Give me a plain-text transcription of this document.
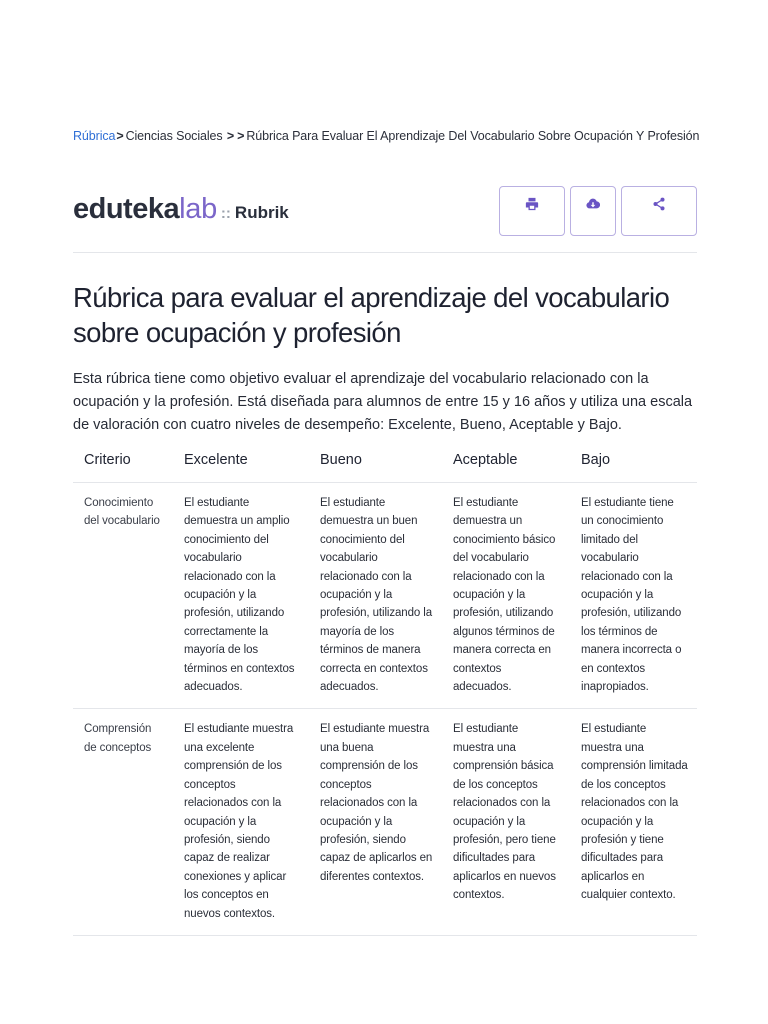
Rúbrica> Ciencias Sociales > > Rúbrica Para Evaluar El Aprendizaje Del Vocabulario Sobre Ocupación Y Profesión
eduteka lab :: Rubrik
Rúbrica para evaluar el aprendizaje del vocabulario sobre ocupación y profesión

Esta rúbrica tiene como objetivo evaluar el aprendizaje del vocabulario relacionado con la ocupación y la profesión. Está diseñada para alumnos de entre 15 y 16 años y utiliza una escala de valoración con cuatro niveles de desempeño: Excelente, Bueno, Aceptable y Bajo.

Criterio	Excelente	Bueno	Aceptable	Bajo
Conocimiento del vocabulario	El estudiante demuestra un amplio conocimiento del vocabulario relacionado con la ocupación y la profesión, utilizando correctamente la mayoría de los términos en contextos adecuados.	El estudiante demuestra un buen conocimiento del vocabulario relacionado con la ocupación y la profesión, utilizando la mayoría de los términos de manera correcta en contextos adecuados.	El estudiante demuestra un conocimiento básico del vocabulario relacionado con la ocupación y la profesión, utilizando algunos términos de manera correcta en contextos adecuados.	El estudiante tiene un conocimiento limitado del vocabulario relacionado con la ocupación y la profesión, utilizando los términos de manera incorrecta o en contextos inapropiados.
Comprensión de conceptos	El estudiante muestra una excelente comprensión de los conceptos relacionados con la ocupación y la profesión, siendo capaz de realizar conexiones y aplicar los conceptos en nuevos contextos.	El estudiante muestra una buena comprensión de los conceptos relacionados con la ocupación y la profesión, siendo capaz de aplicarlos en diferentes contextos.	El estudiante muestra una comprensión básica de los conceptos relacionados con la ocupación y la profesión, pero tiene dificultades para aplicarlos en nuevos contextos.	El estudiante muestra una comprensión limitada de los conceptos relacionados con la ocupación y la profesión y tiene dificultades para aplicarlos en cualquier contexto.
